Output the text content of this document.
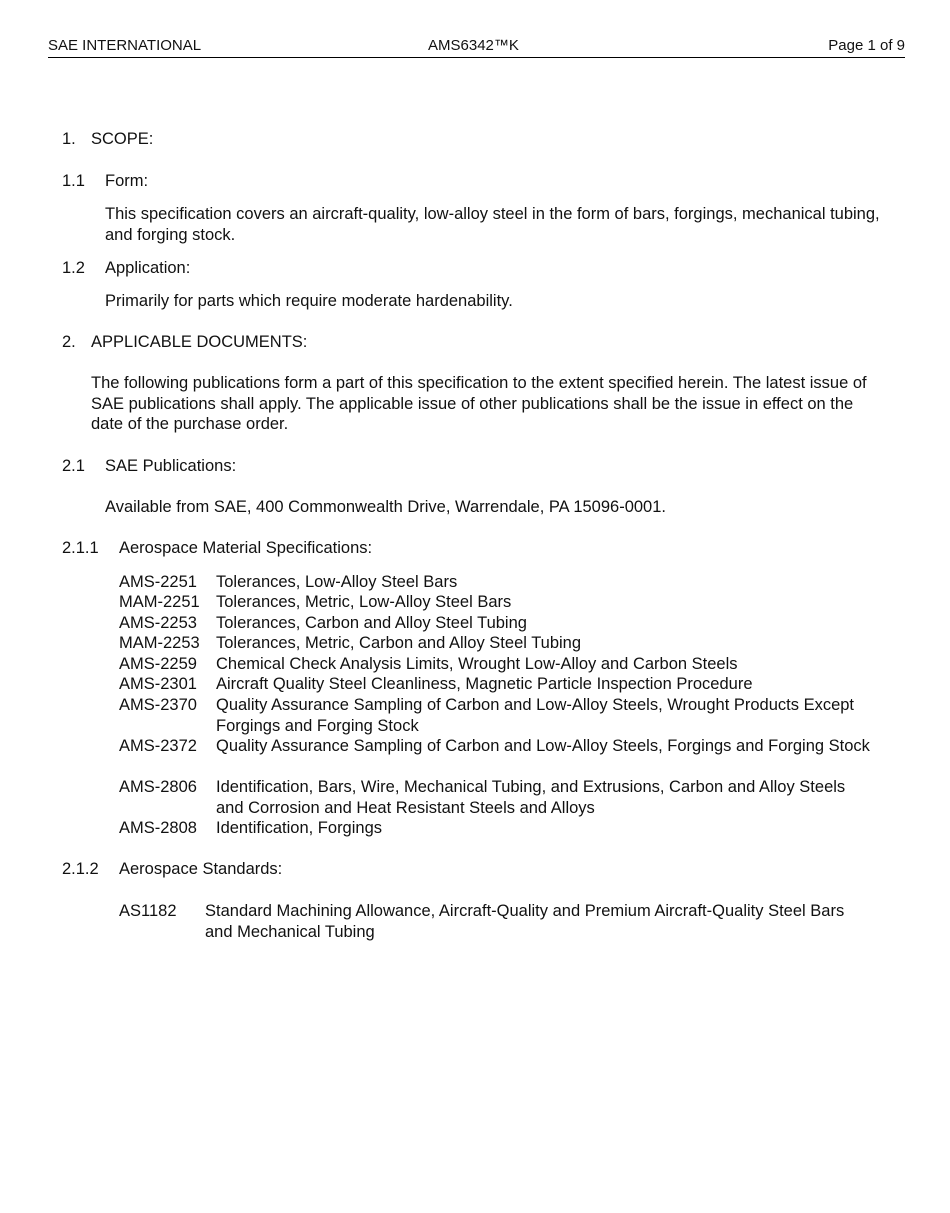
SAE INTERNATIONAL	AMS6342™K	Page 1 of 9
1. SCOPE:
1.1 Form:
This specification covers an aircraft-quality, low-alloy steel in the form of bars, forgings, mechanical tubing, and forging stock.
1.2 Application:
Primarily for parts which require moderate hardenability.
2. APPLICABLE DOCUMENTS:
The following publications form a part of this specification to the extent specified herein. The latest issue of SAE publications shall apply. The applicable issue of other publications shall be the issue in effect on the date of the purchase order.
2.1 SAE Publications:
Available from SAE, 400 Commonwealth Drive, Warrendale, PA 15096-0001.
2.1.1 Aerospace Material Specifications:
AMS-2251 Tolerances, Low-Alloy Steel Bars
MAM-2251 Tolerances, Metric, Low-Alloy Steel Bars
AMS-2253 Tolerances, Carbon and Alloy Steel Tubing
MAM-2253 Tolerances, Metric, Carbon and Alloy Steel Tubing
AMS-2259 Chemical Check Analysis Limits, Wrought Low-Alloy and Carbon Steels
AMS-2301 Aircraft Quality Steel Cleanliness, Magnetic Particle Inspection Procedure
AMS-2370 Quality Assurance Sampling of Carbon and Low-Alloy Steels, Wrought Products Except Forgings and Forging Stock
AMS-2372 Quality Assurance Sampling of Carbon and Low-Alloy Steels, Forgings and Forging Stock
AMS-2806 Identification, Bars, Wire, Mechanical Tubing, and Extrusions, Carbon and Alloy Steels and Corrosion and Heat Resistant Steels and Alloys
AMS-2808 Identification, Forgings
2.1.2 Aerospace Standards:
AS1182 Standard Machining Allowance, Aircraft-Quality and Premium Aircraft-Quality Steel Bars and Mechanical Tubing
